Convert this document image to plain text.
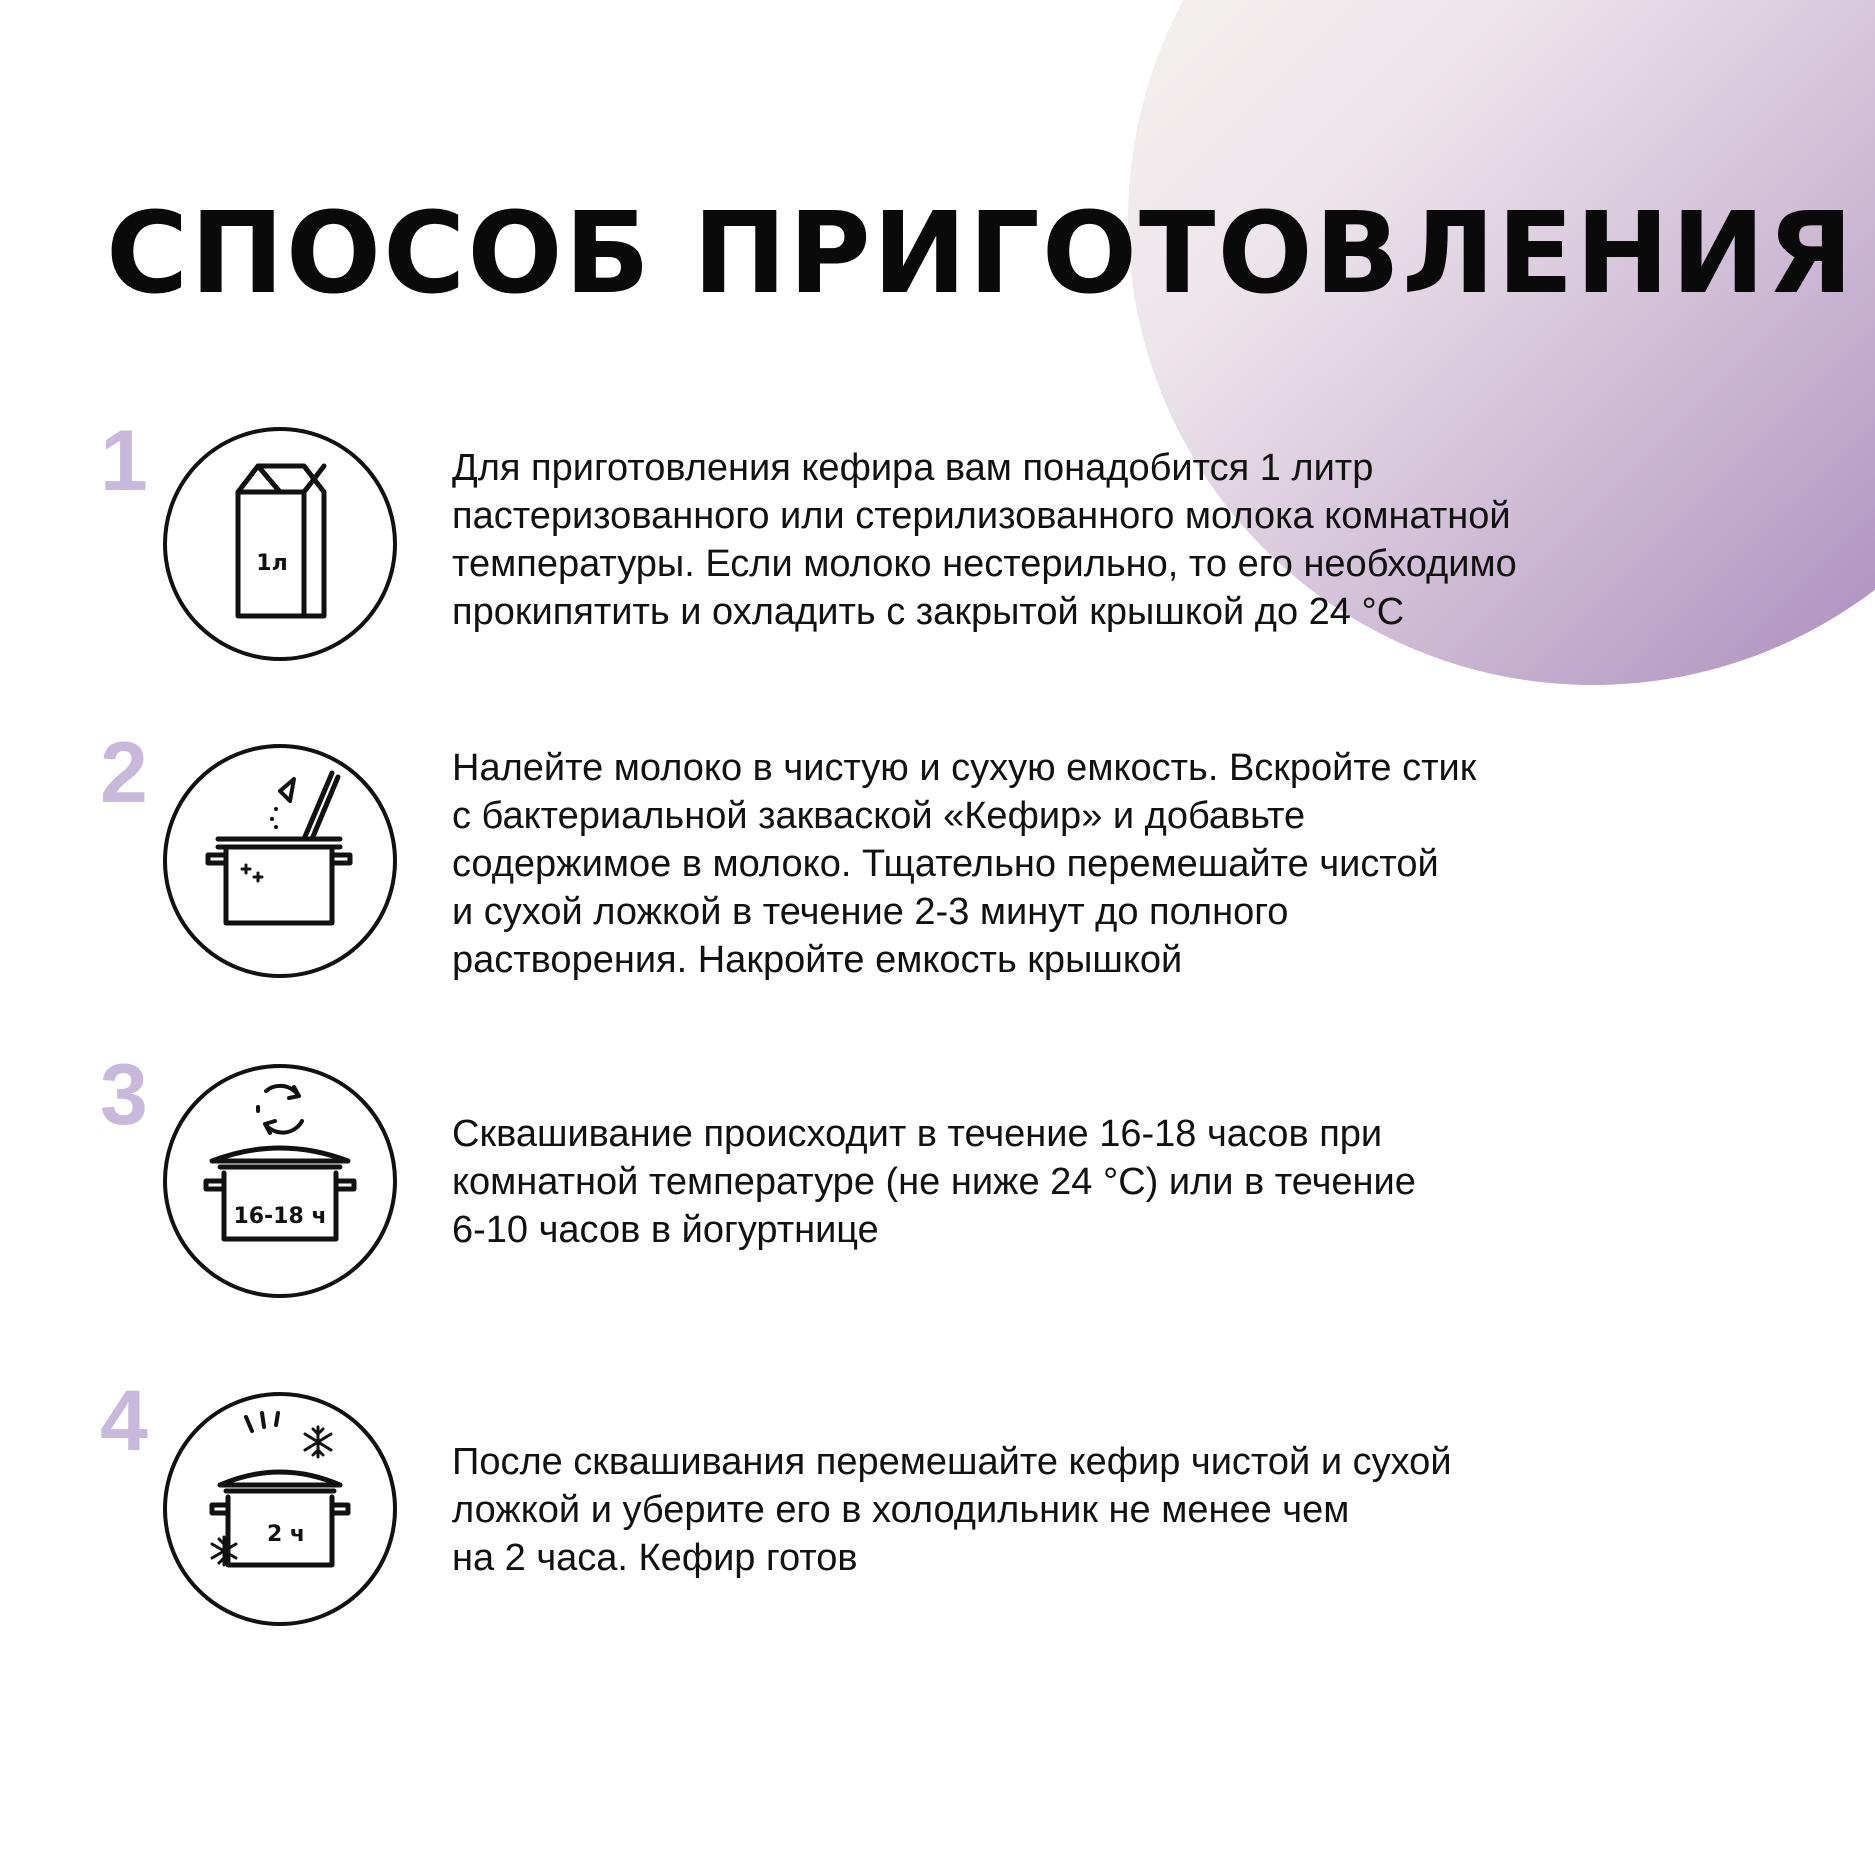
СПОСОБ ПРИГОТОВЛЕНИЯ
1
1л

Для приготовления кефира вам понадобится 1 литр
пастеризованного или стерилизованного молока комнатной
температуры. Если молоко нестерильно, то его необходимо
прокипятить и охладить с закрытой крышкой до 24 °C

2	Налейте молоко в чистую и сухую емкость. Вскройте стик
с бактериальной закваской «Кефир» и добавьте
содержимое в молоко. Тщательно перемешайте чистой
и сухой ложкой в течение 2-3 минут до полного
растворения. Накройте емкость крышкой

3
16-18 ч

Сквашивание происходит в течение 16-18 часов при
комнатной температуре (не ниже 24 °C) или в течение
6-10 часов в йогуртнице

4
2 ч

После сквашивания перемешайте кефир чистой и сухой
ложкой и уберите его в холодильник не менее чем
на 2 часа. Кефир готов
